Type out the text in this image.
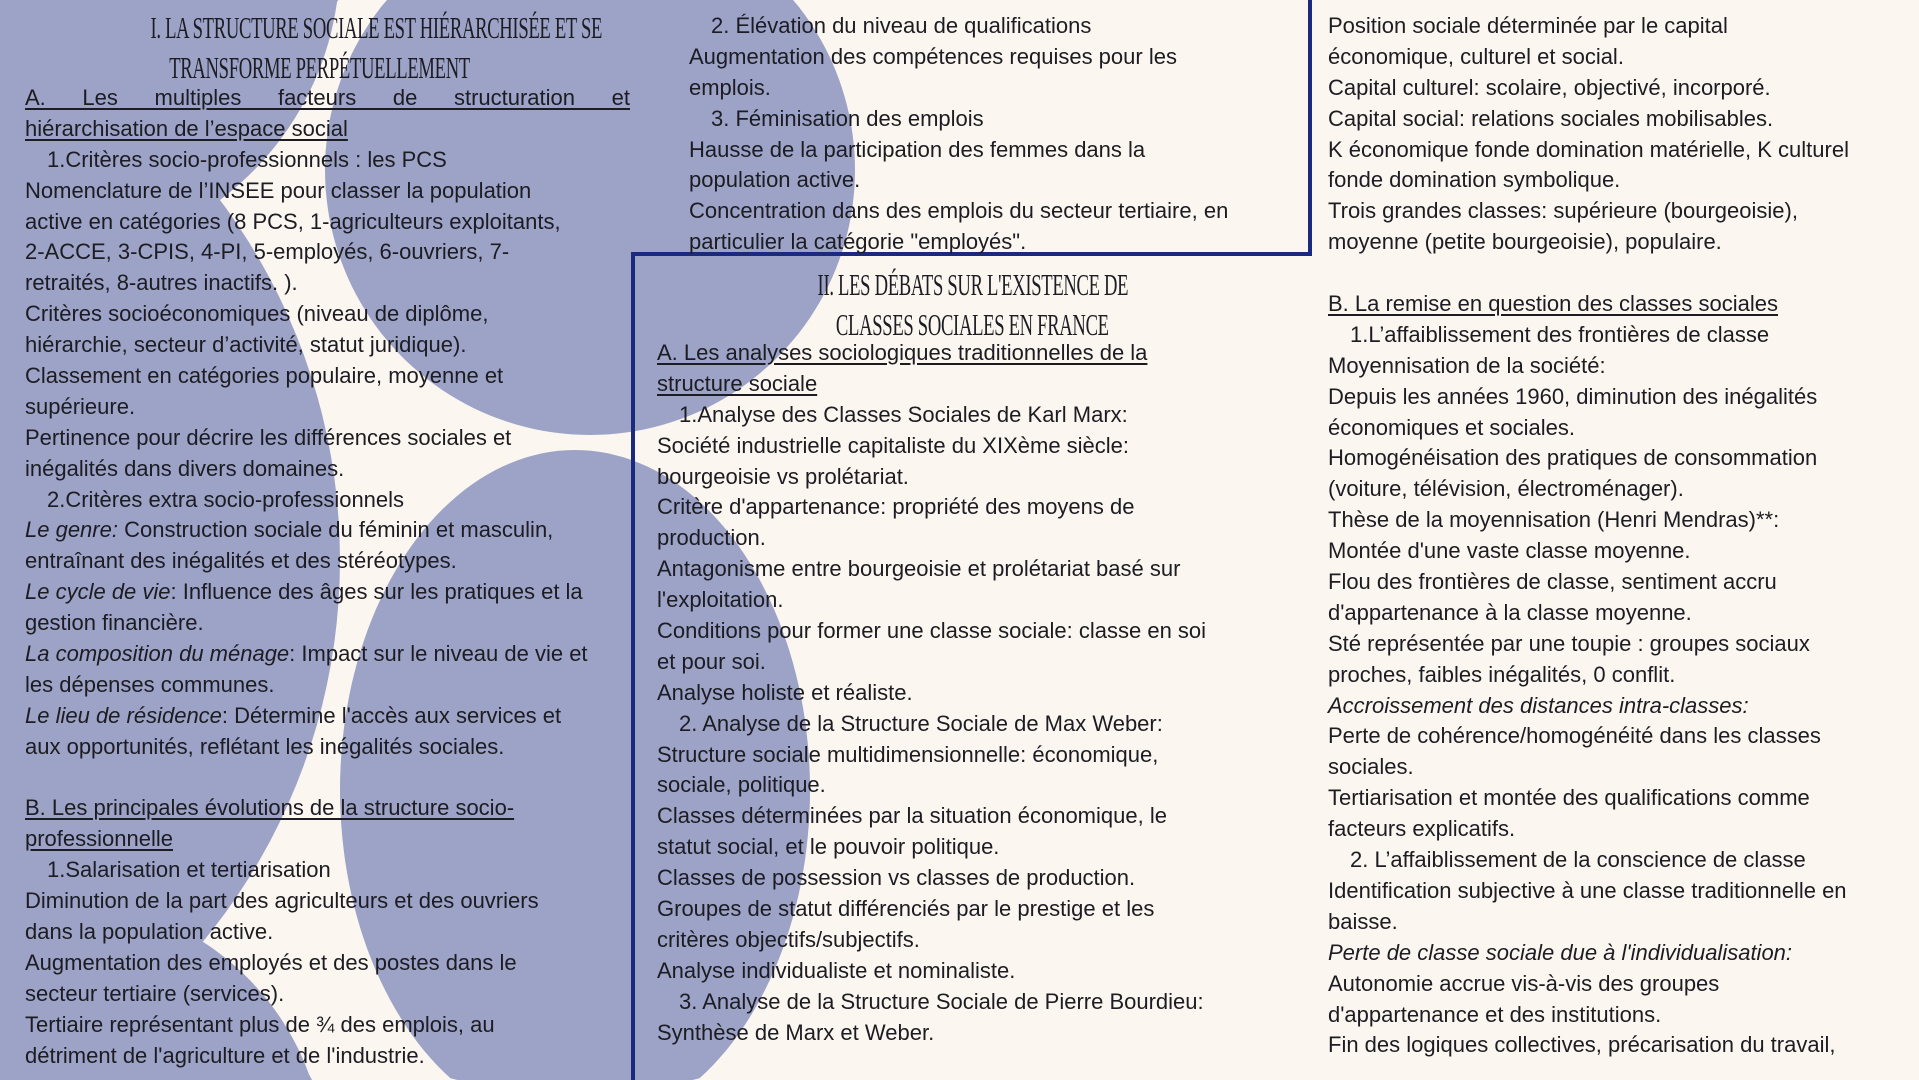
I. LA STRUCTURE SOCIALE EST HIÉRARCHISÉE ET SE
TRANSFORME PERPÉTUELLEMENT
II. LES DÉBATS SUR L'EXISTENCE DE
CLASSES SOCIALES EN FRANCE
A. Les multiples facteurs de structuration et
hiérarchisation de l’espace social
1.Critères socio-professionnels : les PCS
Nomenclature de l’INSEE pour classer la population
active en catégories (8 PCS, 1-agriculteurs exploitants,
2-ACCE, 3-CPIS, 4-PI, 5-employés, 6-ouvriers, 7-
retraités, 8-autres inactifs. ).
Critères socioéconomiques (niveau de diplôme,
hiérarchie, secteur d’activité, statut juridique).
Classement en catégories populaire, moyenne et
supérieure.
Pertinence pour décrire les différences sociales et
inégalités dans divers domaines.
2.Critères extra socio-professionnels
Le genre: Construction sociale du féminin et masculin,
entraînant des inégalités et des stéréotypes.
Le cycle de vie: Influence des âges sur les pratiques et la
gestion financière.
La composition du ménage: Impact sur le niveau de vie et
les dépenses communes.
Le lieu de résidence: Détermine l'accès aux services et
aux opportunités, reflétant les inégalités sociales.
B. Les principales évolutions de la structure socio-
professionnelle
1.Salarisation et tertiarisation
Diminution de la part des agriculteurs et des ouvriers
dans la population active.
Augmentation des employés et des postes dans le
secteur tertiaire (services).
Tertiaire représentant plus de ¾ des emplois, au
détriment de l'agriculture et de l'industrie.
2. Élévation du niveau de qualifications
Augmentation des compétences requises pour les
emplois.
3. Féminisation des emplois
Hausse de la participation des femmes dans la
population active.
Concentration dans des emplois du secteur tertiaire, en
particulier la catégorie "employés".
A. Les analyses sociologiques traditionnelles de la
structure sociale
1.Analyse des Classes Sociales de Karl Marx:
Société industrielle capitaliste du XIXème siècle:
bourgeoisie vs prolétariat.
Critère d'appartenance: propriété des moyens de
production.
Antagonisme entre bourgeoisie et prolétariat basé sur
l'exploitation.
Conditions pour former une classe sociale: classe en soi
et pour soi.
Analyse holiste et réaliste.
2. Analyse de la Structure Sociale de Max Weber:
Structure sociale multidimensionnelle: économique,
sociale, politique.
Classes déterminées par la situation économique, le
statut social, et le pouvoir politique.
Classes de possession vs classes de production.
Groupes de statut différenciés par le prestige et les
critères objectifs/subjectifs.
Analyse individualiste et nominaliste.
3. Analyse de la Structure Sociale de Pierre Bourdieu:
Synthèse de Marx et Weber.
Position sociale déterminée par le capital
économique, culturel et social.
Capital culturel: scolaire, objectivé, incorporé.
Capital social: relations sociales mobilisables.
K économique fonde domination matérielle, K culturel
fonde domination symbolique.
Trois grandes classes: supérieure (bourgeoisie),
moyenne (petite bourgeoisie), populaire.
B. La remise en question des classes sociales
1.L’affaiblissement des frontières de classe
Moyennisation de la société:
Depuis les années 1960, diminution des inégalités
économiques et sociales.
Homogénéisation des pratiques de consommation
(voiture, télévision, électroménager).
Thèse de la moyennisation (Henri Mendras)**:
Montée d'une vaste classe moyenne.
Flou des frontières de classe, sentiment accru
d'appartenance à la classe moyenne.
Sté représentée par une toupie : groupes sociaux
proches, faibles inégalités, 0 conflit.
Accroissement des distances intra-classes:
Perte de cohérence/homogénéité dans les classes
sociales.
Tertiarisation et montée des qualifications comme
facteurs explicatifs.
2. L’affaiblissement de la conscience de classe
Identification subjective à une classe traditionnelle en
baisse.
Perte de classe sociale due à l'individualisation:
Autonomie accrue vis-à-vis des groupes
d'appartenance et des institutions.
Fin des logiques collectives, précarisation du travail,
